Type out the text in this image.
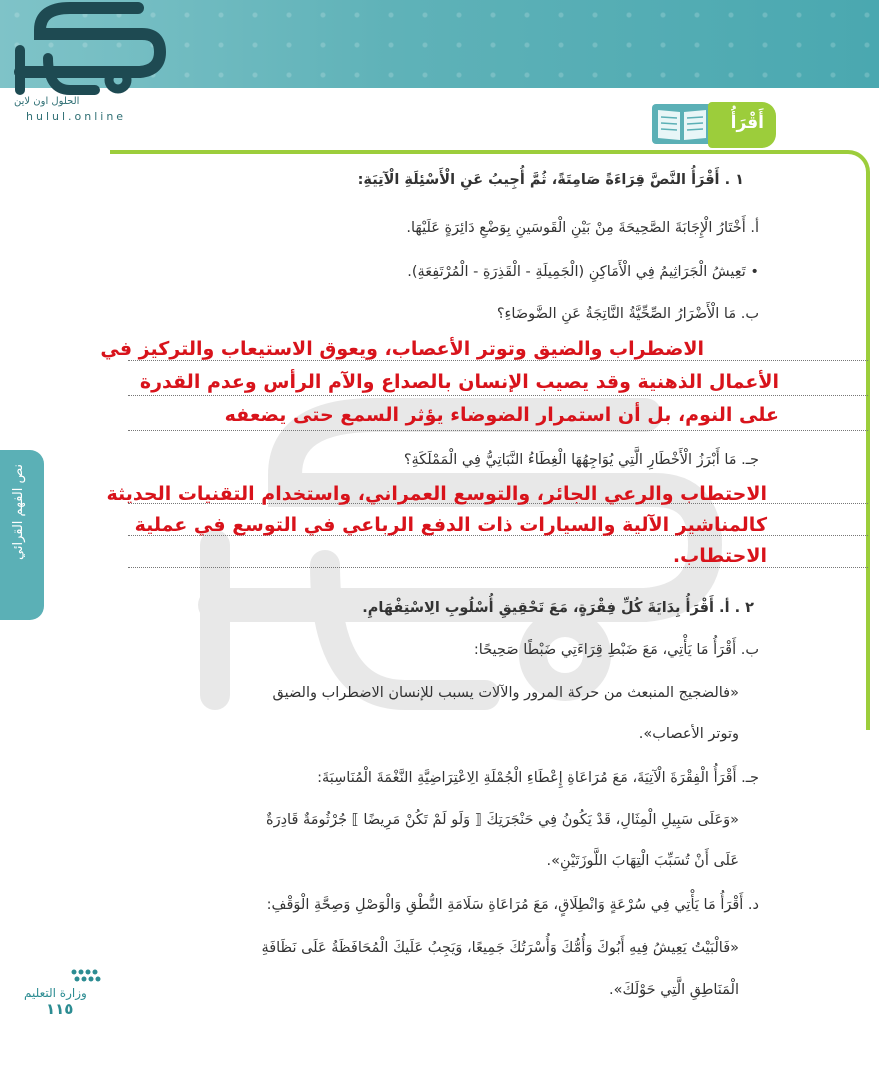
الحلول اون لاين
hulul.online	أَقْرَأُ
نص الفهم القرائي
١ . أَقْرَأُ النَّصَّ قِرَاءَةً صَامِتَةً، ثُمَّ أُجِيبُ عَنِ الْأَسْئِلَةِ الْآتِيَةِ:
أ. أَخْتَارُ الْإِجَابَةَ الصَّحِيحَةَ مِنْ بَيْنِ الْقَوسَينِ بِوَضْعِ دَائِرَةٍ عَلَيْهَا.
• تَعِيشُ الْجَرَاثِيمُ فِي الْأَمَاكِنِ (الْجَمِيلَةِ - الْقَذِرَةِ - الْمُرْتَفِعَةِ).
ب. مَا الْأَضْرَارُ الصِّحِّيَّةُ النَّاتِجَةُ عَنِ الضَّوضَاءِ؟
الاضطراب والضيق وتوتر الأعصاب، ويعوق الاستيعاب والتركيز في
الأعمال الذهنية وقد يصيب الإنسان بالصداع والآم الرأس وعدم القدرة
على النوم، بل أن استمرار الضوضاء يؤثر السمع حتى يضعفه
جـ. مَا أَبْرَزُ الْأَخْطَارِ الَّتِي يُوَاجِهُهَا الْغِطَاءُ النَّبَاتِيُّ فِي الْمَمْلَكَةِ؟
الاحتطاب والرعي الجائر، والتوسع العمراني، واستخدام التقنيات الحديثة
كالمناشير الآلية والسيارات ذات الدفع الرباعي في التوسع في عملية
الاحتطاب.
٢ . أ. أَقْرَأُ بِدَايَةَ كُلِّ فِقْرَةٍ، مَعَ تَحْقِيقِ أُسْلُوبِ الِاسْتِفْهَامِ.
ب. أَقْرَأُ مَا يَأْتِي، مَعَ ضَبْطِ قِرَاءَتِي ضَبْطًا صَحِيحًا:
«فالضجيج المنبعث من حركة المرور والآلات يسبب للإنسان الاضطراب والضيق
وتوتر الأعصاب».
جـ. أَقْرَأُ الْفِقْرَةَ الْآتِيَةَ، مَعَ مُرَاعَاةِ إِعْطَاءِ الْجُمْلَةِ الِاعْتِرَاضِيَّةِ النَّغْمَةَ الْمُنَاسِبَةَ:
«وَعَلَى سَبِيلِ الْمِثَالِ، قَدْ يَكُونُ فِي حَنْجَرَتِكَ ⟦ وَلَو لَمْ تَكُنْ مَرِيضًا ⟧ جُرْثُومَةٌ قَادِرَةٌ
عَلَى أَنْ تُسَبِّبَ الْتِهَابَ اللَّوزَتَيْنِ».
د. أَقْرَأُ مَا يَأْتِي فِي سُرْعَةٍ وَانْطِلَاقٍ، مَعَ مُرَاعَاةِ سَلَامَةِ النُّطْقِ وَالْوَصْلِ وَصِحَّةِ الْوَقْفِ:
«فَالْبَيْتُ يَعِيشُ فِيهِ أَبُوكَ وَأُمُّكَ وَأُسْرَتُكَ جَمِيعًا، وَيَجِبُ عَلَيكَ الْمُحَافَظَةُ عَلَى نَظَافَةِ
الْمَنَاطِقِ الَّتِي حَوْلَكَ».
وزارة التعليم
١١٥
